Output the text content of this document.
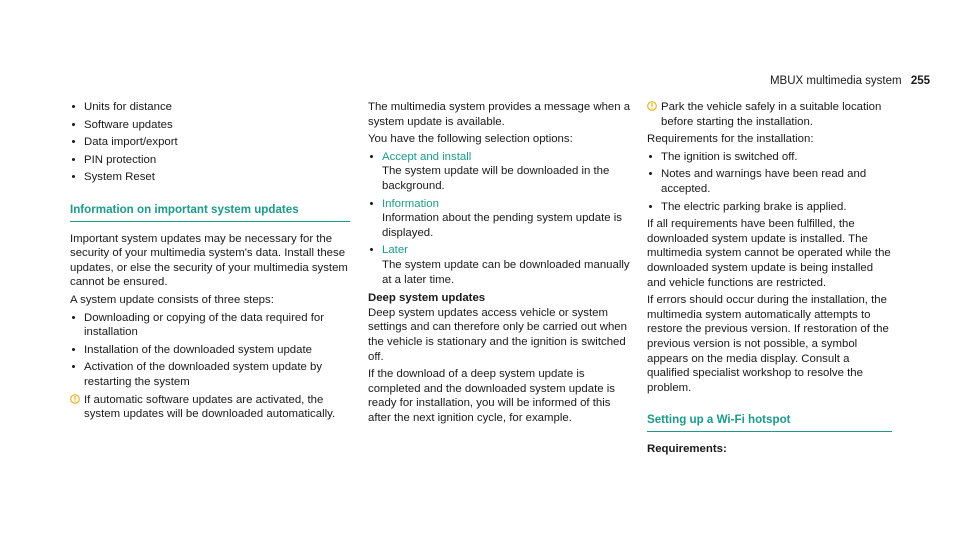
MBUX multimedia system 255
Units for distance
Software updates
Data import/export
PIN protection
System Reset
Information on important system updates

Important system updates may be necessary for the security of your multimedia system's data. Install these updates, or else the security of your multimedia system cannot be ensured.

A system update consists of three steps:

Downloading or copying of the data required for installation
Installation of the downloaded system update
Activation of the downloaded system update by restarting the system
If automatic software updates are activated, the system updates will be downloaded automatically.

The multimedia system provides a message when a system update is available.

You have the following selection options:

Accept and install
The system update will be downloaded in the background.
Information
Information about the pending system update is displayed.
Later
The system update can be downloaded manually at a later time.
Deep system updates

Deep system updates access vehicle or system settings and can therefore only be carried out when the vehicle is stationary and the ignition is switched off.

If the download of a deep system update is completed and the downloaded system update is ready for installation, you will be informed of this after the next ignition cycle, for example.

Park the vehicle safely in a suitable location before starting the installation.

Requirements for the installation:

The ignition is switched off.
Notes and warnings have been read and accepted.
The electric parking brake is applied.

If all requirements have been fulfilled, the downloaded system update is installed. The multimedia system cannot be operated while the downloaded system update is being installed and vehicle functions are restricted.

If errors should occur during the installation, the multimedia system automatically attempts to restore the previous version. If restoration of the previous version is not possible, a symbol appears on the media display. Consult a qualified specialist workshop to resolve the problem.

Setting up a Wi-Fi hotspot
Requirements:
